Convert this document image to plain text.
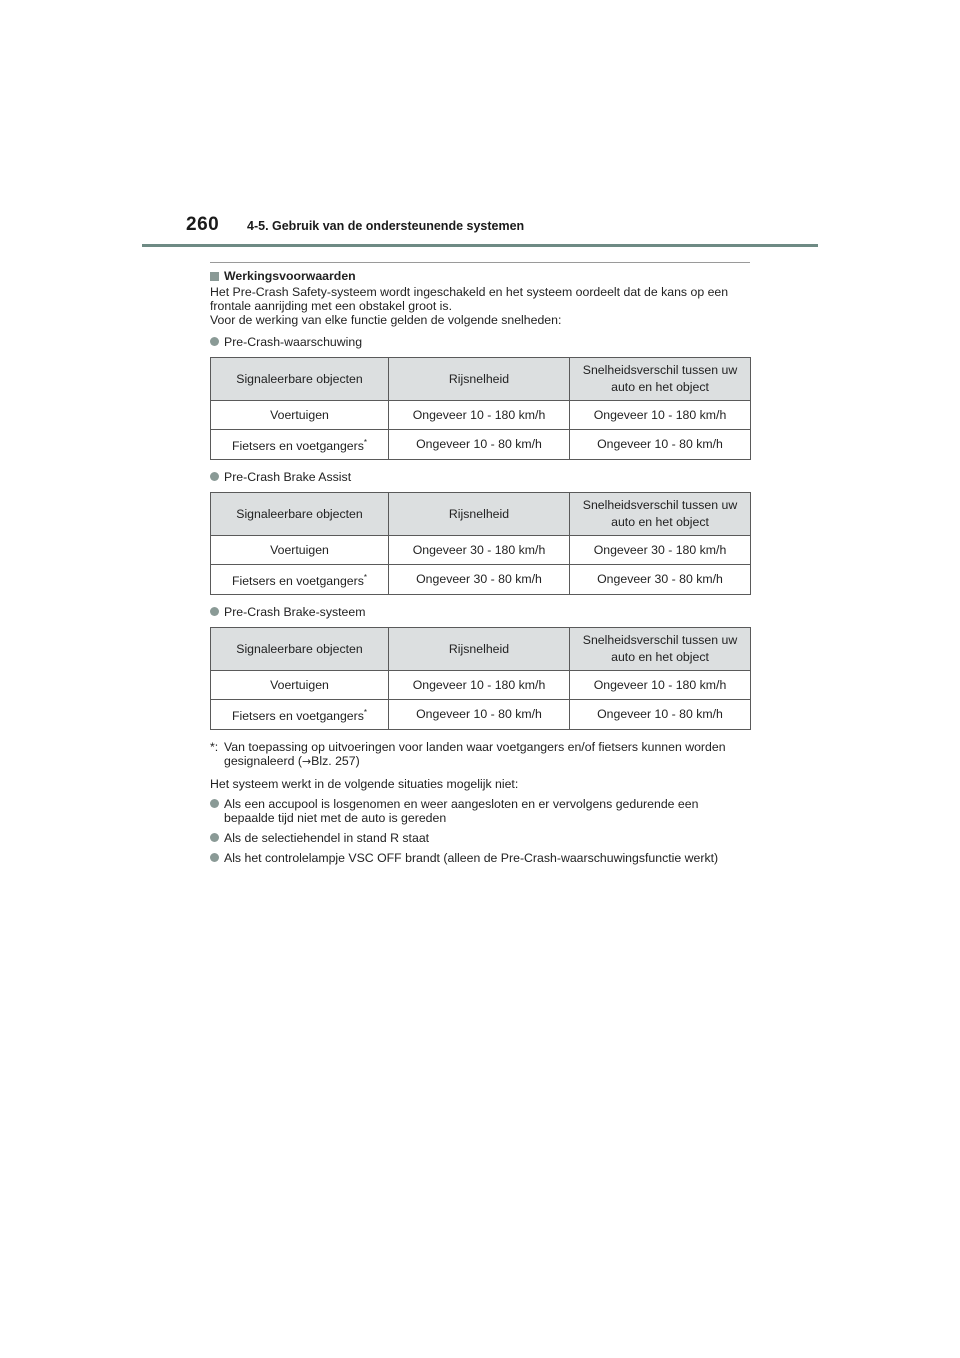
260 4-5. Gebruik van de ondersteunende systemen
Werkingsvoorwaarden

Het Pre-Crash Safety-systeem wordt ingeschakeld en het systeem oordeelt dat de kans op een frontale aanrijding met een obstakel groot is.

Voor de werking van elke functie gelden de volgende snelheden:

Pre-Crash-waarschuwing
Signaleerbare objecten	Rijsnelheid	Snelheidsverschil tussen uw auto en het object
Voertuigen	Ongeveer 10 - 180 km/h	Ongeveer 10 - 180 km/h
Fietsers en voetgangers*	Ongeveer 10 - 80 km/h	Ongeveer 10 - 80 km/h
Pre-Crash Brake Assist
Signaleerbare objecten	Rijsnelheid	Snelheidsverschil tussen uw auto en het object
Voertuigen	Ongeveer 30 - 180 km/h	Ongeveer 30 - 180 km/h
Fietsers en voetgangers*	Ongeveer 30 - 80 km/h	Ongeveer 30 - 80 km/h
Pre-Crash Brake-systeem
Signaleerbare objecten	Rijsnelheid	Snelheidsverschil tussen uw auto en het object
Voertuigen	Ongeveer 10 - 180 km/h	Ongeveer 10 - 180 km/h
Fietsers en voetgangers*	Ongeveer 10 - 80 km/h	Ongeveer 10 - 80 km/h
*: Van toepassing op uitvoeringen voor landen waar voetgangers en/of fietsers kunnen worden gesignaleerd (→Blz. 257)

Het systeem werkt in de volgende situaties mogelijk niet:

Als een accupool is losgenomen en weer aangesloten en er vervolgens gedurende een bepaalde tijd niet met de auto is gereden
Als de selectiehendel in stand R staat
Als het controlelampje VSC OFF brandt (alleen de Pre-Crash-waarschuwingsfunctie werkt)
